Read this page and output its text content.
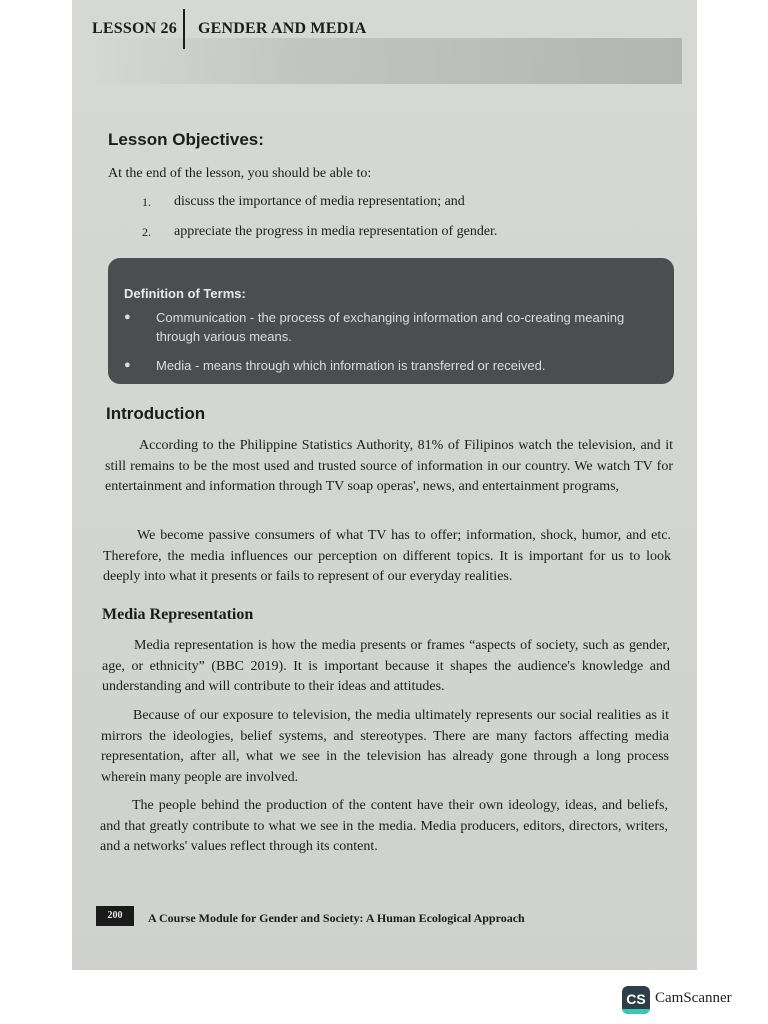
LESSON 26 GENDER AND MEDIA
Lesson Objectives:
At the end of the lesson, you should be able to:
1. discuss the importance of media representation; and
2. appreciate the progress in media representation of gender.
Definition of Terms:
● Communication - the process of exchanging information and co-creating meaning through various means.
● Media - means through which information is transferred or received.
Introduction
According to the Philippine Statistics Authority, 81% of Filipinos watch the television, and it still remains to be the most used and trusted source of information in our country. We watch TV for entertainment and information through TV soap operas', news, and entertainment programs,
We become passive consumers of what TV has to offer; information, shock, humor, and etc. Therefore, the media influences our perception on different topics. It is important for us to look deeply into what it presents or fails to represent of our everyday realities.
Media Representation
Media representation is how the media presents or frames “aspects of society, such as gender, age, or ethnicity” (BBC 2019). It is important because it shapes the audience's knowledge and understanding and will contribute to their ideas and attitudes.
Because of our exposure to television, the media ultimately represents our social realities as it mirrors the ideologies, belief systems, and stereotypes. There are many factors affecting media representation, after all, what we see in the television has already gone through a long process wherein many people are involved.
The people behind the production of the content have their own ideology, ideas, and beliefs, and that greatly contribute to what we see in the media. Media producers, editors, directors, writers, and a networks' values reflect through its content.
200	A Course Module for Gender and Society: A Human Ecological Approach
CS CamScanner
